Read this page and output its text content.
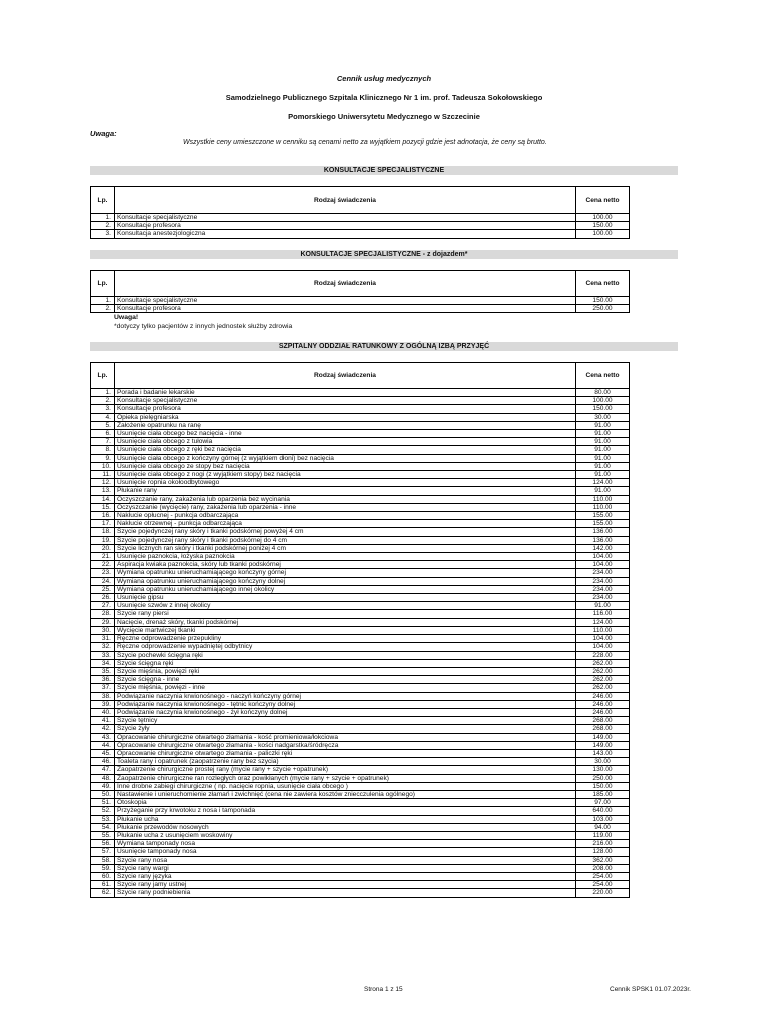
Cennik usług medycznych
Samodzielnego Publicznego Szpitala Klinicznego Nr 1 im. prof. Tadeusza Sokołowskiego
Pomorskiego Uniwersytetu Medycznego w Szczecinie
Uwaga:
Wszystkie ceny umieszczone w cenniku są cenami netto za wyjątkiem pozycji gdzie jest adnotacja, że ceny są brutto.
KONSULTACJE SPECJALISTYCZNE
Lp.	Rodzaj świadczenia	Cena netto
1.	Konsultacje specjalistyczne	100.00
2.	Konsultacje profesora	150.00
3.	Konsultacja anestezjologiczna	100.00
KONSULTACJE SPECJALISTYCZNE - z dojazdem*
Lp.	Rodzaj świadczenia	Cena netto
1.	Konsultacje specjalistyczne	150.00
2.	Konsultacje profesora	250.00
Uwaga!
*dotyczy tylko pacjentów z innych jednostek służby zdrowia
SZPITALNY ODDZIAŁ RATUNKOWY Z OGÓLNĄ IZBĄ PRZYJĘĆ
Lp.	Rodzaj świadczenia	Cena netto
1.	Porada i badanie lekarskie	80.00
2.	Konsultacje specjalistyczne	100.00
3.	Konsultacje profesora	150.00
4.	Opieka pielęgniarska	30.00
5.	Założenie opatrunku na ranę	91.00
6.	Usunięcie ciała obcego bez nacięcia - inne	91.00
7.	Usunięcie ciała obcego z tułowia	91.00
8.	Usunięcie ciała obcego z ręki bez nacięcia	91.00
9.	Usunięcie ciała obcego z kończyny górnej (z wyjątkiem dłoni) bez nacięcia	91.00
10.	Usunięcie ciała obcego ze stopy bez nacięcia	91.00
11.	Usunięcie ciała obcego z nogi (z wyjątkiem stopy) bez nacięcia	91.00
12.	Usunięcie ropnia okołoodbytowego	124.00
13.	Płukanie rany	91.00
14.	Oczyszczanie rany, zakażenia lub oparzenia bez wycinania	110.00
15.	Oczyszczanie (wycięcie) rany, zakażenia lub oparzenia - inne	110.00
16.	Nakłucie opłucnej - punkcja odbarczająca	155.00
17.	Nakłucie otrzewnej - punkcja odbarczająca	155.00
18.	Szycie pojedynczej rany skóry i tkanki podskórnej powyżej 4 cm	136.00
19.	Szycie pojedynczej rany skóry i tkanki podskórnej do 4 cm	136.00
20.	Szycie licznych ran skóry i tkanki podskórnej poniżej 4 cm	142.00
21.	Usunięcie paznokcia, łożyska paznokcia	104.00
22.	Aspiracja kwiaka paznokcia, skóry lub tkanki podskórnej	104.00
23.	Wymiana opatrunku unieruchamiającego kończyny górnej	234.00
24.	Wymiana opatrunku unieruchamiającego kończyny dolnej	234.00
25.	Wymiana opatrunku unieruchamiającego innej okolicy	234.00
26.	Usunięcie gipsu	234.00
27.	Usunięcie szwów z innej okolicy	91.00
28.	Szycie rany piersi	116.00
29.	Nacięcie, drenaż skóry, tkanki podskórnej	124.00
30.	Wycięcie martwiczej tkanki	110.00
31.	Ręczne odprowadzenie przepukliny	104.00
32.	Ręczne odprowadzenie wypadniętej odbytnicy	104.00
33.	Szycie pochewki ścięgna ręki	228.00
34.	Szycie ścięgna ręki	262.00
35.	Szycie mięśnia, powięzi ręki	262.00
36.	Szycie ścięgna - inne	262.00
37.	Szycie mięśnia, powięzi - inne	262.00
38.	Podwiązanie naczynia krwionośnego - naczyń kończyny górnej	246.00
39.	Podwiązanie naczynia krwionośnego - tętnic kończyny dolnej	246.00
40.	Podwiązanie naczynia krwionośnego - żył kończyny dolnej	246.00
41.	Szycie tętnicy	268.00
42.	Szycie żyły	268.00
43.	Opracowanie chirurgiczne otwartego złamania - kość promieniowa/łokciowa	149.00
44.	Opracowanie chirurgiczne otwartego złamania - kości nadgarstka/śródręcza	149.00
45.	Opracowanie chirurgiczne otwartego złamania - paliczki ręki	143.00
46.	Toaleta rany i opatrunek (zaopatrzenie rany bez szycia)	30.00
47.	Zaopatrzenie chirurgiczne prostej rany (mycie rany + szycie +opatrunek)	130.00
48.	Zaopatrzenie chirurgiczne ran rozległych oraz powikłanych (mycie rany + szycie + opatrunek)	250.00
49.	Inne drobne zabiegi chirurgiczne ( np. nacięcie ropnia, usunięcie ciała obcego )	150.00
50.	Nastawienie i unieruchomienie złamań i zwichnięć (cena nie zawiera kosztów zniecczulenia ogólnego)	185.00
51.	Otoskopia	97.00
52.	Przyżeganie przy krwotoku z nosa i tamponada	640.00
53.	Płukanie ucha	103.00
54.	Płukanie przewodów nosowych	94.00
55.	Płukanie ucha z usunięciem woskowiny	119.00
56.	Wymiana tamponady nosa	216.00
57.	Usunięcie tamponady nosa	128.00
58.	Szycie rany nosa	362.00
59.	Szycie rany wargi	208.00
60.	Szycie rany języka	254.00
61.	Szycie rany jamy ustnej	254.00
62.	Szycie rany podniebienia	220.00
Strona 1 z 15	Cennik SPSK1 01.07.2023r.
